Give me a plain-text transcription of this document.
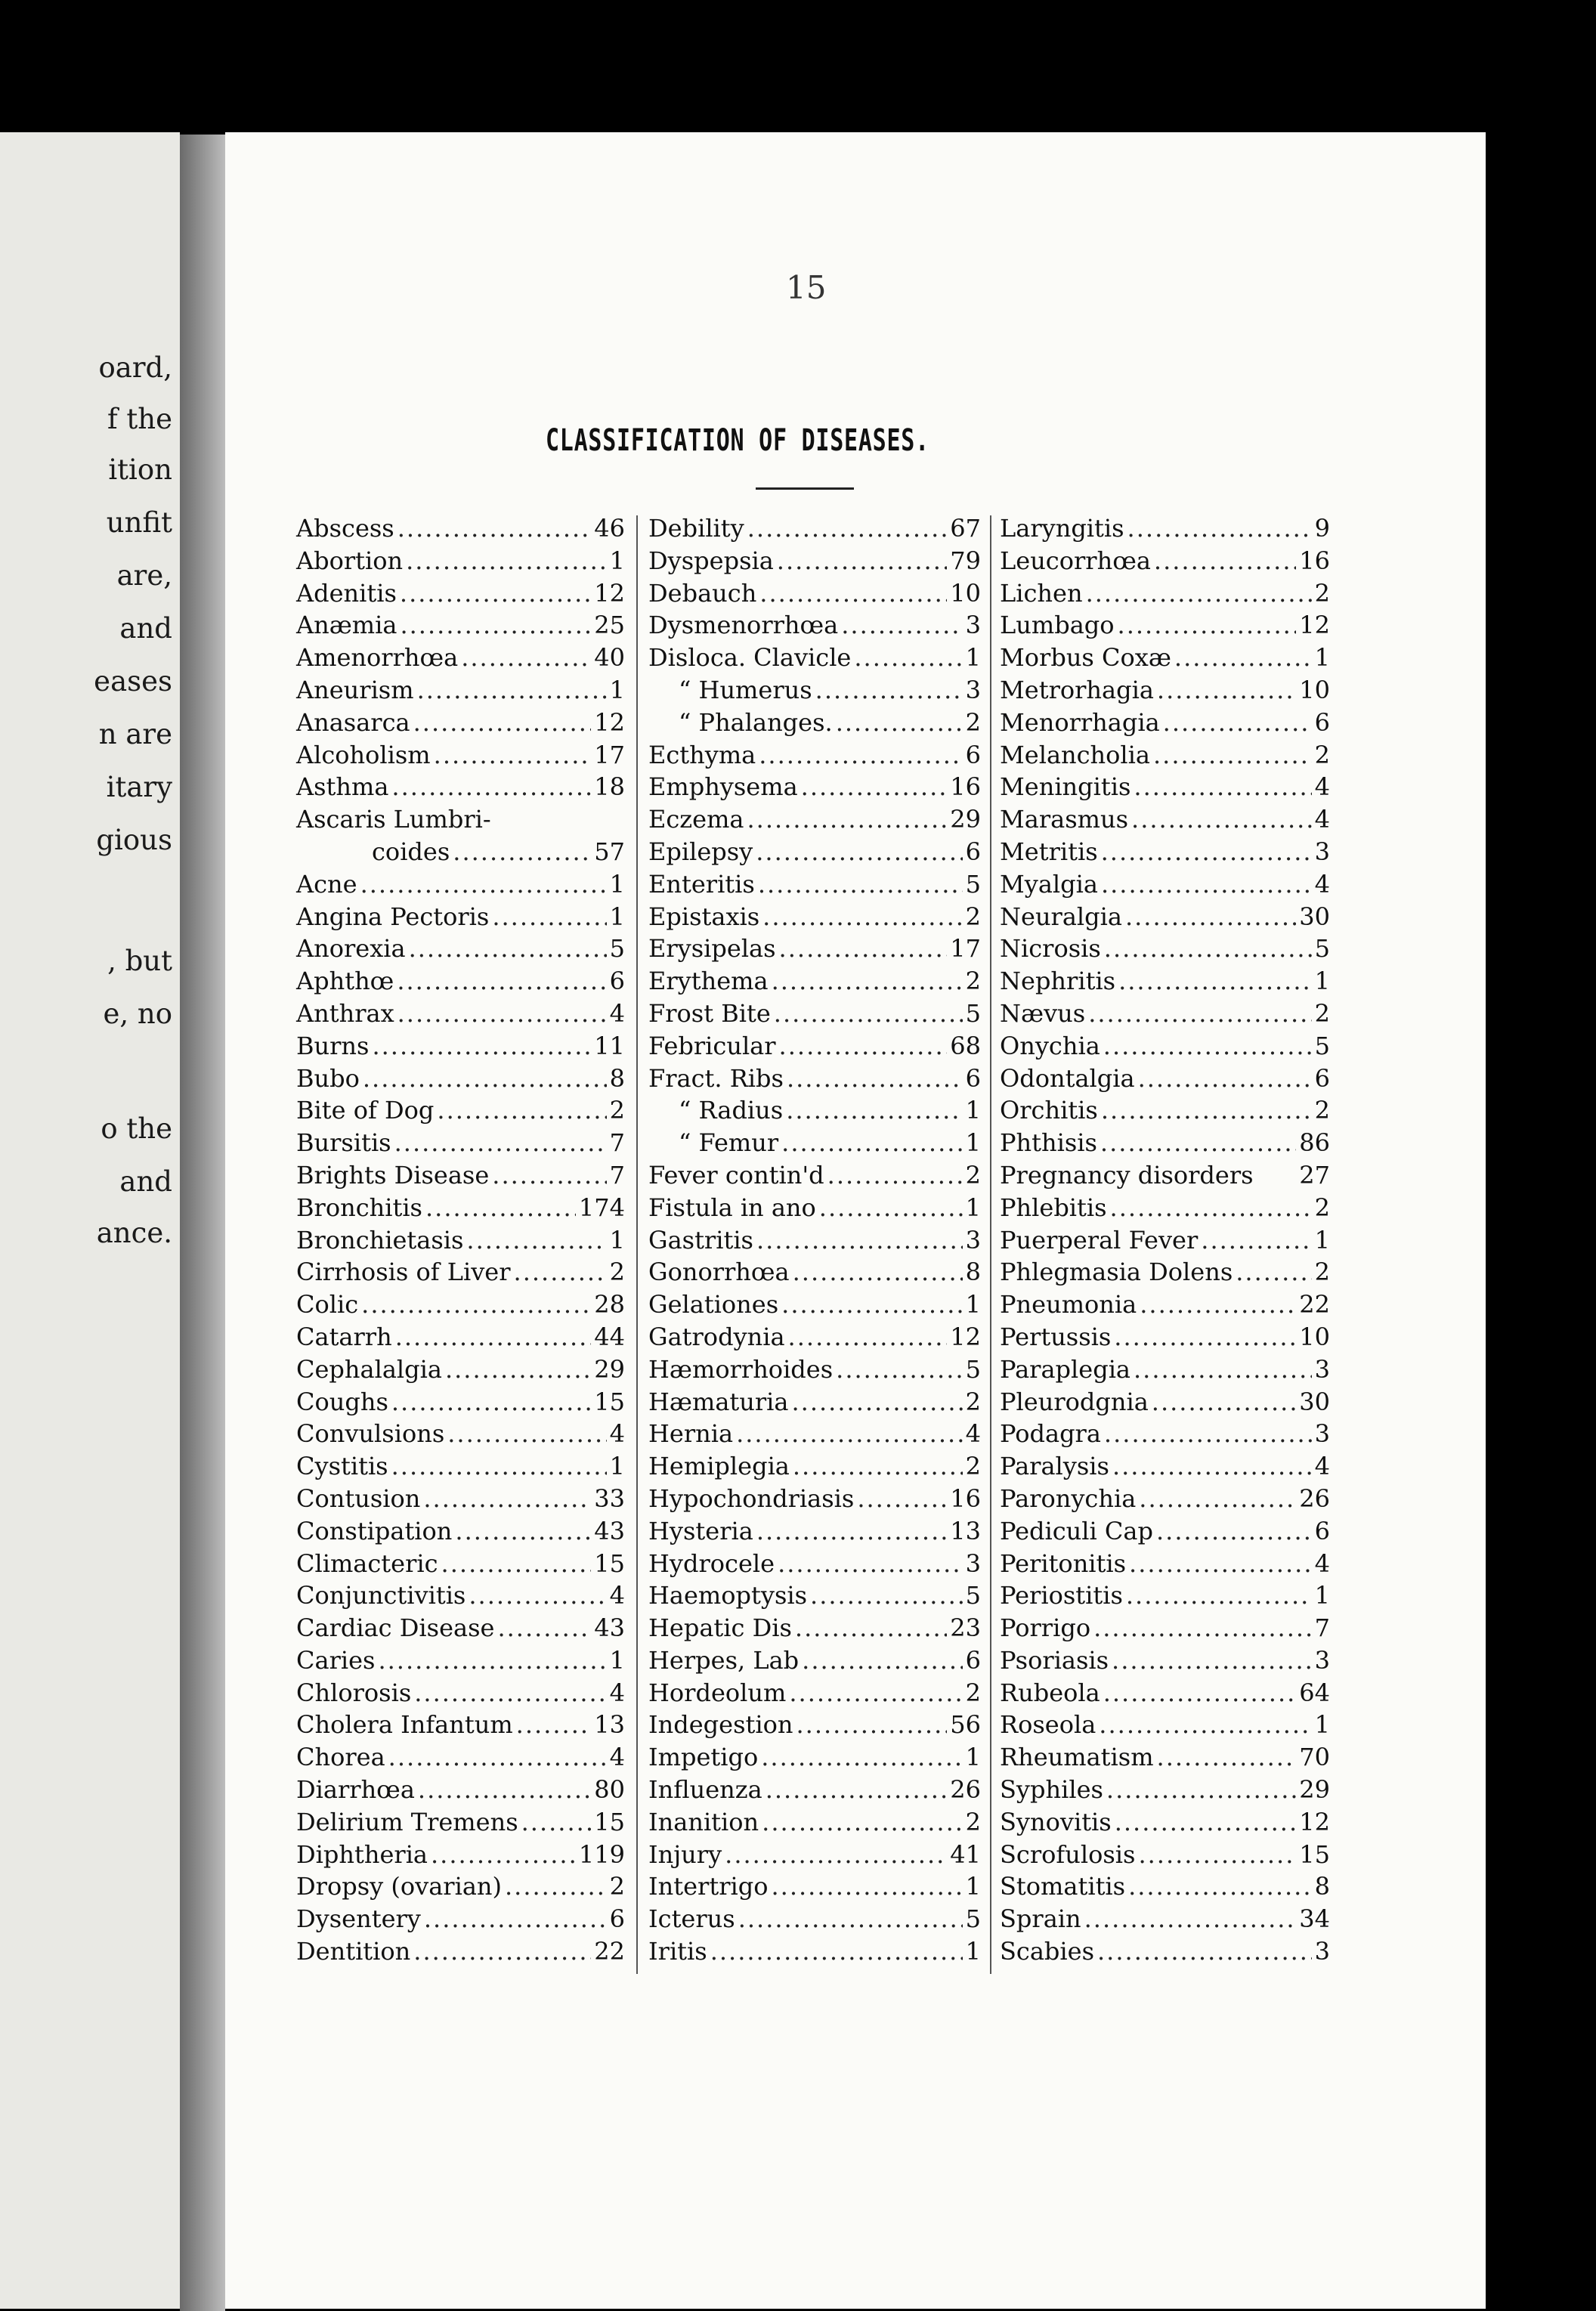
oard,
f the
ition
unfit
are,
and
eases
n are
itary
gious
, but
e, no
o the
and
ance.
15
CLASSIFICATION OF DISEASES.
Abscess .....	46
Abortion .....	1
Adenitis .....	12
Anæmia .....	25
Amenorrhœa .....	40
Aneurism .....	1
Anasarca .....	12
Alcoholism .....	17
Asthma .....	18
Ascaris Lumbri-
coides .....	57
Acne .....	1
Angina Pectoris .....	1
Anorexia .....	5
Aphthœ .....	6
Anthrax .....	4
Burns .....	11
Bubo .....	8
Bite of Dog .....	2
Bursitis .....	7
Brights Disease .....	7
Bronchitis .....	174
Bronchietasis .....	1
Cirrhosis of Liver .....	2
Colic .....	28
Catarrh .....	44
Cephalalgia .....	29
Coughs .....	15
Convulsions .....	4
Cystitis .....	1
Contusion .....	33
Constipation .....	43
Climacteric .....	15
Conjunctivitis .....	4
Cardiac Disease .....	43
Caries .....	1
Chlorosis .....	4
Cholera Infantum .....	13
Chorea .....	4
Diarrhœa .....	80
Delirium Tremens .....	15
Diphtheria .....	119
Dropsy (ovarian) .....	2
Dysentery .....	6
Dentition .....	22
Debility .....	67
Dyspepsia .....	79
Debauch .....	10
Dysmenorrhœa .....	3
Disloca. Clavicle .....	1
“ Humerus .....	3
“ Phalanges. .....	2
Ecthyma .....	6
Emphysema .....	16
Eczema .....	29
Epilepsy .....	6
Enteritis .....	5
Epistaxis .....	2
Erysipelas .....	17
Erythema .....	2
Frost Bite .....	5
Febricular .....	68
Fract. Ribs .....	6
“ Radius .....	1
“ Femur .....	1
Fever contin'd .....	2
Fistula in ano .....	1
Gastritis .....	3
Gonorrhœa .....	8
Gelationes .....	1
Gatrodynia .....	12
Hæmorrhoides .....	5
Hæmaturia .....	2
Hernia .....	4
Hemiplegia .....	2
Hypochondriasis .....	16
Hysteria .....	13
Hydrocele .....	3
Haemoptysis .....	5
Hepatic Dis .....	23
Herpes, Lab .....	6
Hordeolum .....	2
Indegestion .....	56
Impetigo .....	1
Influenza .....	26
Inanition .....	2
Injury .....	41
Intertrigo .....	1
Icterus .....	5
Iritis .....	1
Laryngitis .....	9
Leucorrhœa .....	16
Lichen .....	2
Lumbago .....	12
Morbus Coxæ .....	1
Metrorhagia .....	10
Menorrhagia .....	6
Melancholia .....	2
Meningitis .....	4
Marasmus .....	4
Metritis .....	3
Myalgia .....	4
Neuralgia .....	30
Nicrosis .....	5
Nephritis .....	1
Nævus .....	2
Onychia .....	5
Odontalgia .....	6
Orchitis .....	2
Phthisis .....	86
Pregnancy disorders 27
Phlebitis .....	2
Puerperal Fever .....	1
Phlegmasia Dolens .....	2
Pneumonia .....	22
Pertussis .....	10
Paraplegia .....	3
Pleurodgnia .....	30
Podagra .....	3
Paralysis .....	4
Paronychia .....	26
Pediculi Cap .....	6
Peritonitis .....	4
Periostitis .....	1
Porrigo .....	7
Psoriasis .....	3
Rubeola .....	64
Roseola .....	1
Rheumatism .....	70
Syphiles .....	29
Synovitis .....	12
Scrofulosis .....	15
Stomatitis .....	8
Sprain .....	34
Scabies .....	3
